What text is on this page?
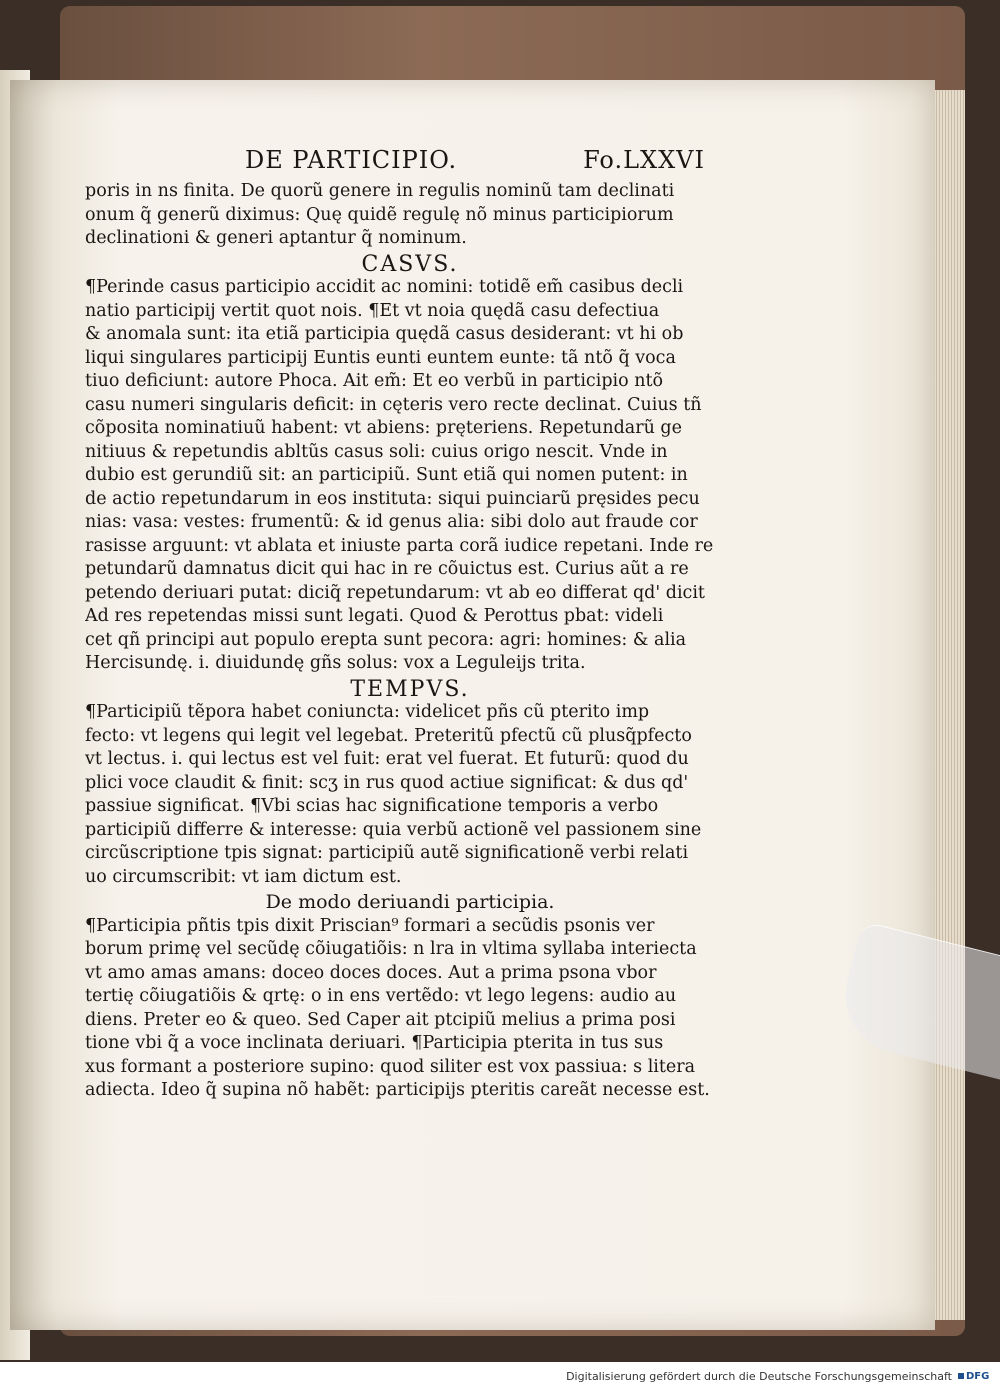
DE PARTICIPIO.	Fo.LXXVI
poris in ns finita. De quorũ genere in regulis nominũ tam declinati
onum q̃ generũ diximus: Quę quidẽ regulę nõ minus participiorum
declinationi & generi aptantur q̃ nominum.
CASVS.
¶Perinde casus participio accidit ac nomini: totidẽ em̃ casibus decli
natio participij vertit quot nois. ¶Et vt noia quędã casu defectiua
& anomala sunt: ita etiã participia quędã casus desiderant: vt hi ob
liqui singulares participij Euntis eunti euntem eunte: tã ntõ q̃ voca
tiuo deficiunt: autore Phoca. Ait em̃: Et eo verbũ in participio ntõ
casu numeri singularis deficit: in cęteris vero recte declinat. Cuius tñ
cõposita nominatiuũ habent: vt abiens: pręteriens. Repetundarũ ge
nitiuus & repetundis abltũs casus soli: cuius origo nescit. Vnde in
dubio est gerundiũ sit: an participiũ. Sunt etiã qui nomen putent: in
de actio repetundarum in eos instituta: siqui puinciarũ pręsides pecu
nias: vasa: vestes: frumentũ: & id genus alia: sibi dolo aut fraude cor
rasisse arguunt: vt ablata et iniuste parta corã iudice repetani. Inde re
petundarũ damnatus dicit qui hac in re cõuictus est. Curius aũt a re
petendo deriuari putat: diciq̃ repetundarum: vt ab eo differat qd' dicit
Ad res repetendas missi sunt legati. Quod & Perottus pbat: videli
cet qñ principi aut populo erepta sunt pecora: agri: homines: & alia
Hercisundę. i. diuidundę gñs solus: vox a Leguleijs trita.
TEMPVS.
¶Participiũ tẽpora habet coniuncta: videlicet pñs cũ pterito imp
fecto: vt legens qui legit vel legebat. Preteritũ pfectũ cũ plusq̃pfecto
vt lectus. i. qui lectus est vel fuit: erat vel fuerat. Et futurũ: quod du
plici voce claudit & finit: scʒ in rus quod actiue significat: & dus qd'
passiue significat. ¶Vbi scias hac significatione temporis a verbo
participiũ differre & interesse: quia verbũ actionẽ vel passionem sine
circũscriptione tpis signat: participiũ autẽ significationẽ verbi relati
uo circumscribit: vt iam dictum est.
De modo deriuandi participia.
¶Participia pñtis tpis dixit Priscian⁹ formari a secũdis psonis ver
borum primę vel secũdę cõiugatiõis: n lra in vltima syllaba interiecta
vt amo amas amans: doceo doces doces. Aut a prima psona vbor
tertię cõiugatiõis & qrtę: o in ens vertẽdo: vt lego legens: audio au
diens. Preter eo & queo. Sed Caper ait ptcipiũ melius a prima posi
tione vbi q̃ a voce inclinata deriuari. ¶Participia pterita in tus sus
xus formant a posteriore supino: quod siliter est vox passiua: s litera
adiecta. Ideo q̃ supina nõ habẽt: participijs pteritis careãt necesse est.
Digitalisierung gefördert durch die Deutsche Forschungsgemeinschaft DFG
